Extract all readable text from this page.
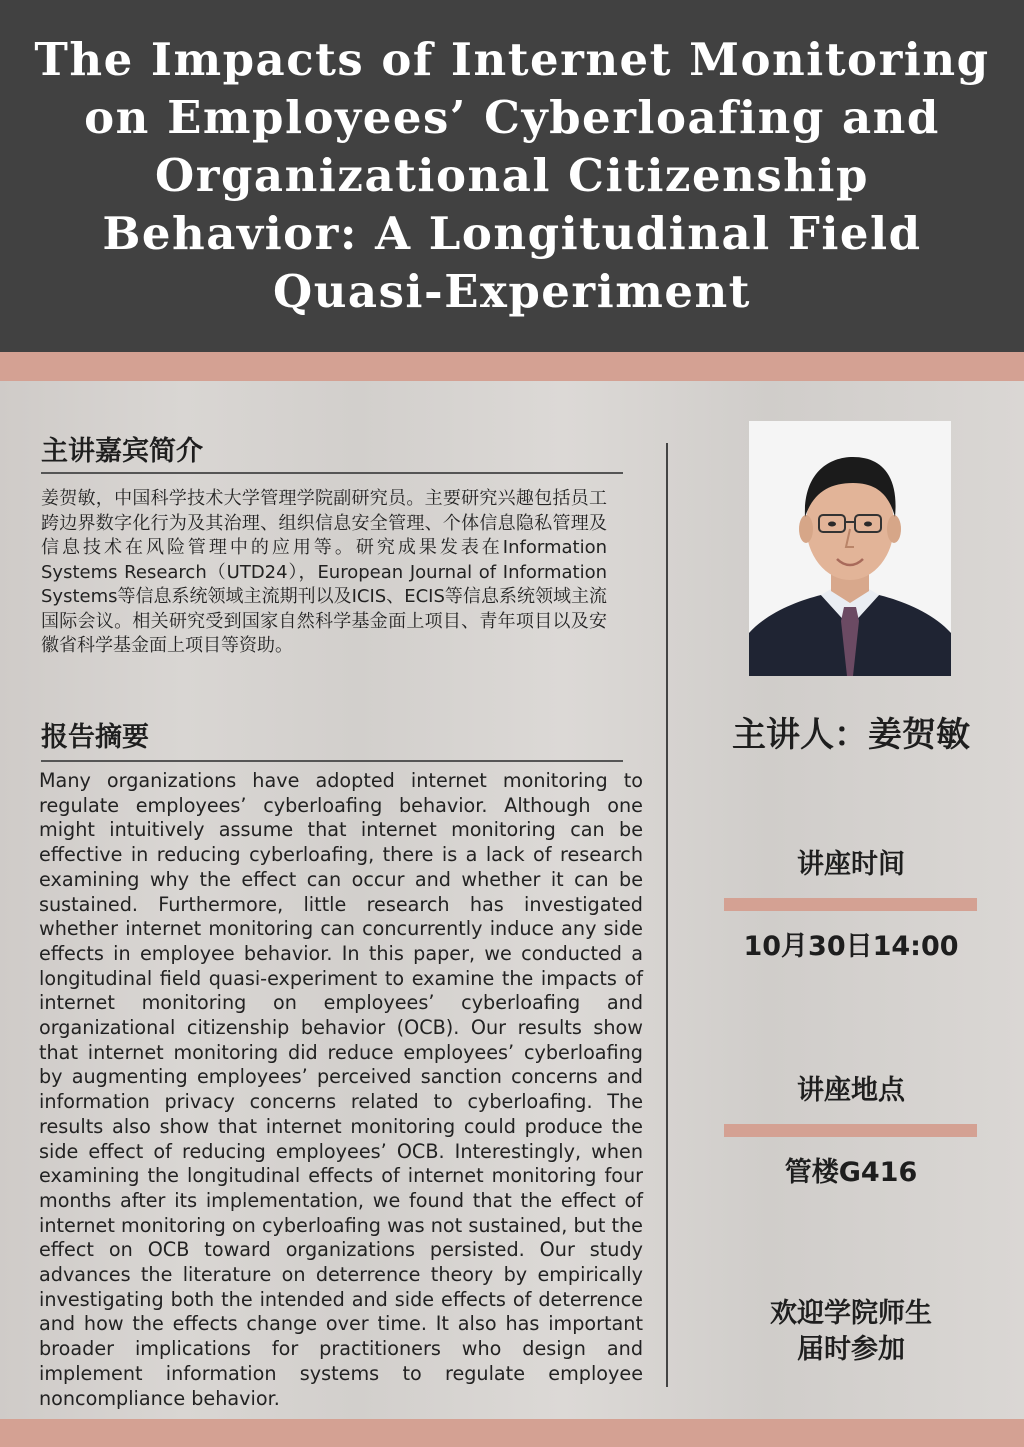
The Impacts of Internet Monitoring on Employees’ Cyberloafing and Organizational Citizenship Behavior: A Longitudinal Field Quasi-Experiment
主讲嘉宾简介

姜贺敏，中国科学技术大学管理学院副研究员。主要研究兴趣包括员工跨边界数字化行为及其治理、组织信息安全管理、个体信息隐私管理及信息技术在风险管理中的应用等。研究成果发表在Information Systems Research（UTD24），European Journal of Information Systems等信息系统领域主流期刊以及ICIS、ECIS等信息系统领域主流国际会议。相关研究受到国家自然科学基金面上项目、青年项目以及安徽省科学基金面上项目等资助。

报告摘要

Many organizations have adopted internet monitoring to regulate employees’ cyberloafing behavior. Although one might intuitively assume that internet monitoring can be effective in reducing cyberloafing, there is a lack of research examining why the effect can occur and whether it can be sustained. Furthermore, little research has investigated whether internet monitoring can concurrently induce any side effects in employee behavior. In this paper, we conducted a longitudinal field quasi-experiment to examine the impacts of internet monitoring on employees’ cyberloafing and organizational citizenship behavior (OCB). Our results show that internet monitoring did reduce employees’ cyberloafing by augmenting employees’ perceived sanction concerns and information privacy concerns related to cyberloafing. The results also show that internet monitoring could produce the side effect of reducing employees’ OCB. Interestingly, when examining the longitudinal effects of internet monitoring four months after its implementation, we found that the effect of internet monitoring on cyberloafing was not sustained, but the effect on OCB toward organizations persisted. Our study advances the literature on deterrence theory by empirically investigating both the intended and side effects of deterrence and how the effects change over time. It also has important broader implications for practitioners who design and implement information systems to regulate employee noncompliance behavior.

主讲人：姜贺敏

讲座时间

10月30日14:00

讲座地点

管楼G416

欢迎学院师生
届时参加
